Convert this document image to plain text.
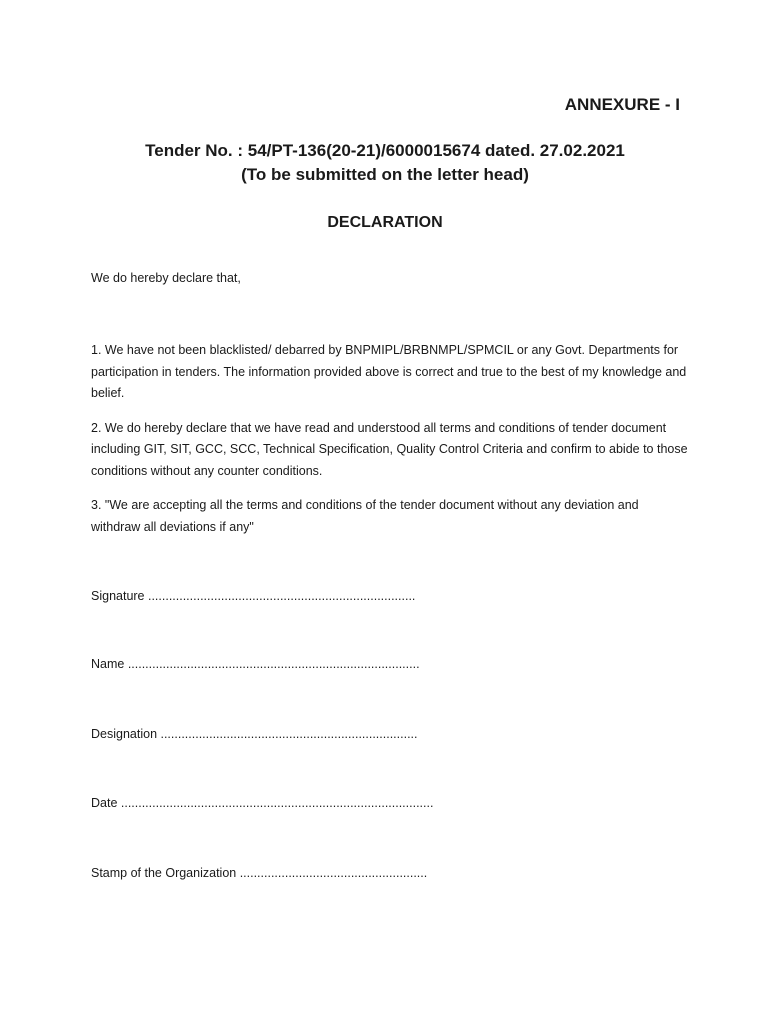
ANNEXURE - I
Tender No. : 54/PT-136(20-21)/6000015674 dated. 27.02.2021
(To be submitted on the letter head)
DECLARATION
We do hereby declare that,

1. We have not been blacklisted/ debarred by BNPMIPL/BRBNMPL/SPMCIL or any Govt. Departments for participation in tenders. The information provided above is correct and true to the best of my knowledge and belief.

2. We do hereby declare that we have read and understood all terms and conditions of tender document including GIT, SIT, GCC, SCC, Technical Specification, Quality Control Criteria and confirm to abide to those conditions without any counter conditions.

3. "We are accepting all the terms and conditions of the tender document without any deviation and withdraw all deviations if any"

Signature .............................................................................
Name ....................................................................................
Designation ..........................................................................
Date ..........................................................................................
Stamp of the Organization ......................................................
